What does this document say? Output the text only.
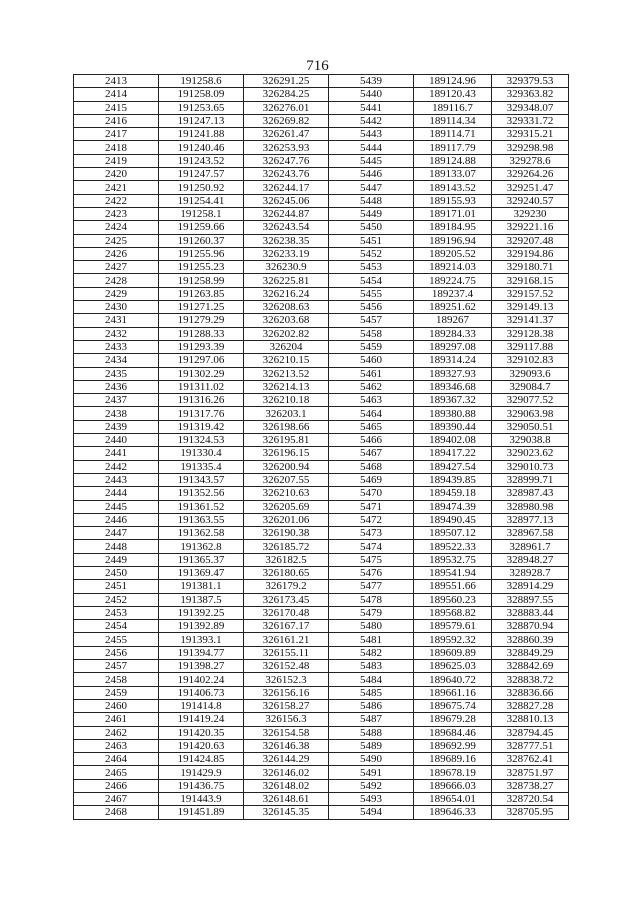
716
2413	191258.6	326291.25	5439	189124.96	329379.53
2414	191258.09	326284.25	5440	189120.43	329363.82
2415	191253.65	326276.01	5441	189116.7	329348.07
2416	191247.13	326269.82	5442	189114.34	329331.72
2417	191241.88	326261.47	5443	189114.71	329315.21
2418	191240.46	326253.93	5444	189117.79	329298.98
2419	191243.52	326247.76	5445	189124.88	329278.6
2420	191247.57	326243.76	5446	189133.07	329264.26
2421	191250.92	326244.17	5447	189143.52	329251.47
2422	191254.41	326245.06	5448	189155.93	329240.57
2423	191258.1	326244.87	5449	189171.01	329230
2424	191259.66	326243.54	5450	189184.95	329221.16
2425	191260.37	326238.35	5451	189196.94	329207.48
2426	191255.96	326233.19	5452	189205.52	329194.86
2427	191255.23	326230.9	5453	189214.03	329180.71
2428	191258.99	326225.81	5454	189224.75	329168.15
2429	191263.85	326216.24	5455	189237.4	329157.52
2430	191271.25	326208.63	5456	189251.62	329149.13
2431	191279.29	326203.68	5457	189267	329141.37
2432	191288.33	326202.82	5458	189284.33	329128.38
2433	191293.39	326204	5459	189297.08	329117.88
2434	191297.06	326210.15	5460	189314.24	329102.83
2435	191302.29	326213.52	5461	189327.93	329093.6
2436	191311.02	326214.13	5462	189346.68	329084.7
2437	191316.26	326210.18	5463	189367.32	329077.52
2438	191317.76	326203.1	5464	189380.88	329063.98
2439	191319.42	326198.66	5465	189390.44	329050.51
2440	191324.53	326195.81	5466	189402.08	329038.8
2441	191330.4	326196.15	5467	189417.22	329023.62
2442	191335.4	326200.94	5468	189427.54	329010.73
2443	191343.57	326207.55	5469	189439.85	328999.71
2444	191352.56	326210.63	5470	189459.18	328987.43
2445	191361.52	326205.69	5471	189474.39	328980.98
2446	191363.55	326201.06	5472	189490.45	328977.13
2447	191362.58	326190.38	5473	189507.12	328967.58
2448	191362.8	326185.72	5474	189522.33	328961.7
2449	191365.37	326182.5	5475	189532.75	328948.27
2450	191369.47	326180.65	5476	189541.94	328928.7
2451	191381.1	326179.2	5477	189551.66	328914.29
2452	191387.5	326173.45	5478	189560.23	328897.55
2453	191392.25	326170.48	5479	189568.82	328883.44
2454	191392.89	326167.17	5480	189579.61	328870.94
2455	191393.1	326161.21	5481	189592.32	328860.39
2456	191394.77	326155.11	5482	189609.89	328849.29
2457	191398.27	326152.48	5483	189625.03	328842.69
2458	191402.24	326152.3	5484	189640.72	328838.72
2459	191406.73	326156.16	5485	189661.16	328836.66
2460	191414.8	326158.27	5486	189675.74	328827.28
2461	191419.24	326156.3	5487	189679.28	328810.13
2462	191420.35	326154.58	5488	189684.46	328794.45
2463	191420.63	326146.38	5489	189692.99	328777.51
2464	191424.85	326144.29	5490	189689.16	328762.41
2465	191429.9	326146.02	5491	189678.19	328751.97
2466	191436.75	326148.02	5492	189666.03	328738.27
2467	191443.9	326148.61	5493	189654.01	328720.54
2468	191451.89	326145.35	5494	189646.33	328705.95
